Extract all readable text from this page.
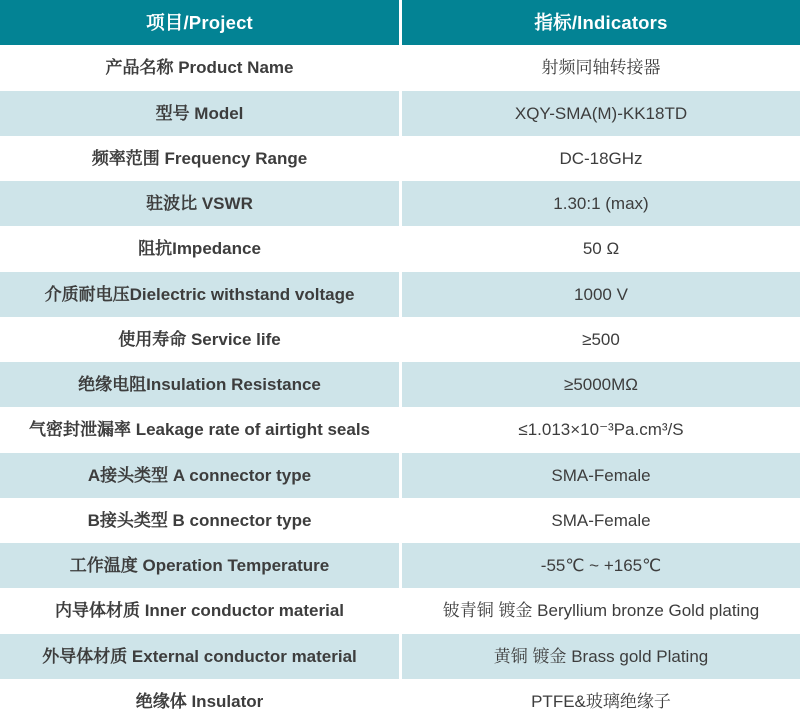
项目/Project	指标/Indicators
产品名称 Product Name	射频同轴转接器
型号 Model	XQY-SMA(M)-KK18TD
频率范围 Frequency Range	DC-18GHz
驻波比 VSWR	1.30:1 (max)
阻抗Impedance	50 Ω
介质耐电压Dielectric withstand voltage	1000 V
使用寿命 Service life	≥500
绝缘电阻Insulation Resistance	≥5000MΩ
气密封泄漏率 Leakage rate of airtight seals	≤1.013×10⁻³Pa.cm³/S
A接头类型 A connector type	SMA-Female
B接头类型 B connector type	SMA-Female
工作温度 Operation Temperature	-55℃ ~ +165℃
内导体材质 Inner conductor material	铍青铜 镀金 Beryllium bronze Gold plating
外导体材质 External conductor material	黄铜 镀金 Brass gold Plating
绝缘体 Insulator	PTFE&玻璃绝缘子
